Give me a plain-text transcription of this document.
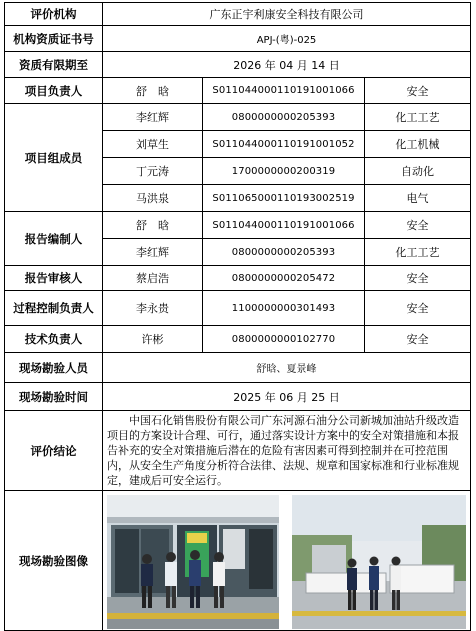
评价机构	广东正宇利康安全科技有限公司		
机构资质证书号	APJ-(粤)-025		
资质有限期至	2026 年 04 月 14 日		
项目负责人	舒　晗	S011044000110191001066	安全
项目组成员	李红辉	0800000000205393	化工工艺
	刘草生	S011044000110191001052	化工机械
	丁元涛	1700000000200319	自动化
	马洪泉	S011065000110193002519	电气
报告编制人	舒　晗	S011044000110191001066	安全
	李红辉	0800000000205393	化工工艺
报告审核人	蔡启浩	0800000000205472	安全
过程控制负责人	李永贵	1100000000301493	安全
技术负责人	许彬	0800000000102770	安全
现场勘验人员	舒晗、夏景峰		
现场勘验时间	2025 年 06 月 25 日		
评价结论	中国石化销售股份有限公司广东河源石油分公司新城加油站升级改造项目的方案设计合理、可行，通过落实设计方案中的安全对策措施和本报告补充的安全对策措施后潜在的危险有害因素可得到控制并在可控范围内，从安全生产角度分析符合法律、法规、规章和国家标准和行业标准规定，建成后可安全运行。		
现场勘验图像	
